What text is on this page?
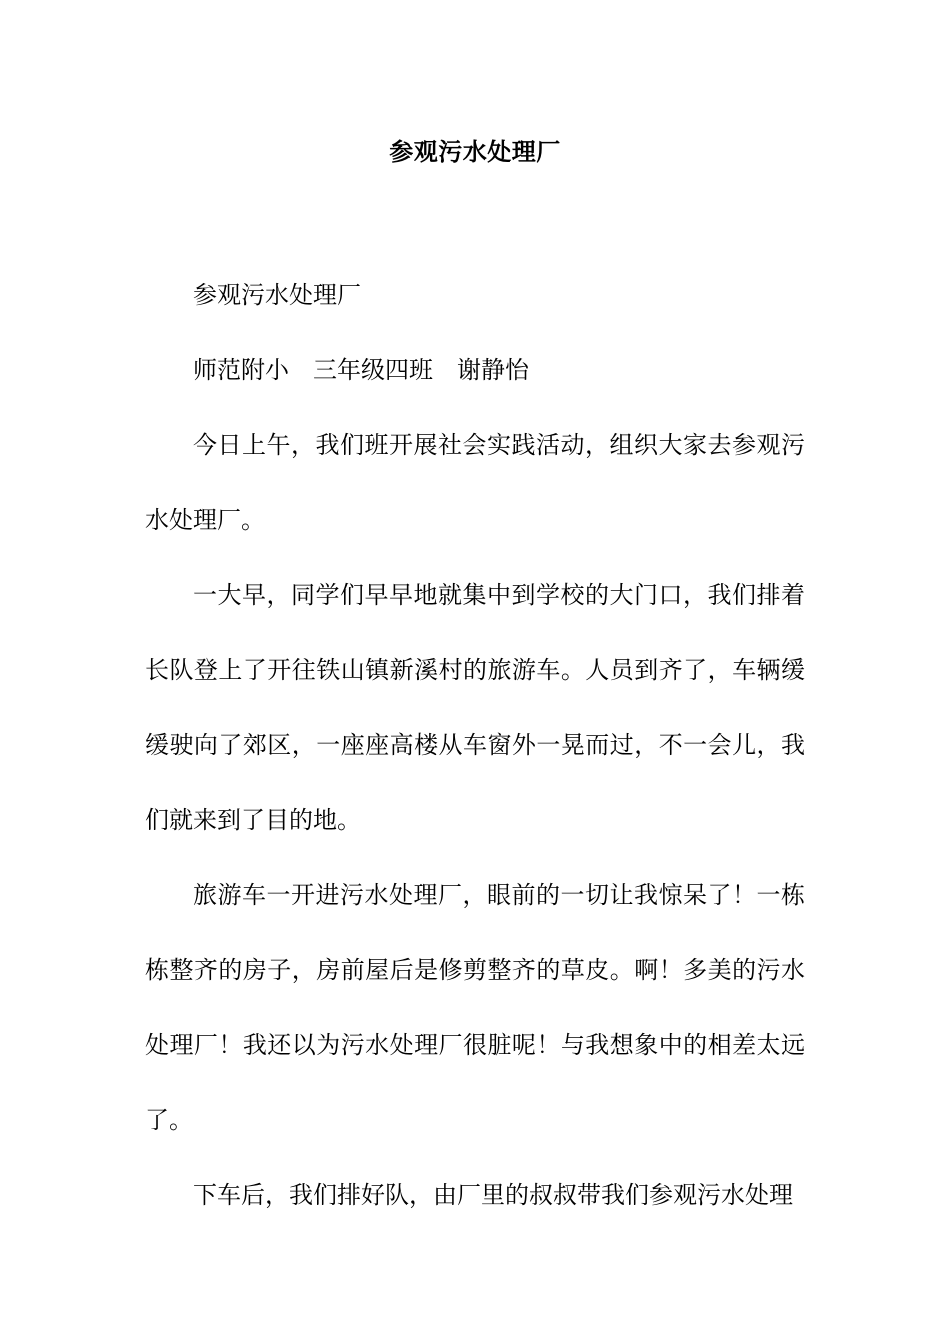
参观污水处理厂

参观污水处理厂

师范附小 三年级四班 谢静怡

今日上午，我们班开展社会实践活动，组织大家去参观污水处理厂。

一大早，同学们早早地就集中到学校的大门口，我们排着长队登上了开往铁山镇新溪村的旅游车。人员到齐了，车辆缓缓驶向了郊区，一座座高楼从车窗外一晃而过，不一会儿，我们就来到了目的地。

旅游车一开进污水处理厂，眼前的一切让我惊呆了！一栋栋整齐的房子，房前屋后是修剪整齐的草皮。啊！多美的污水处理厂！我还以为污水处理厂很脏呢！与我想象中的相差太远了。

下车后，我们排好队，由厂里的叔叔带我们参观污水处理
